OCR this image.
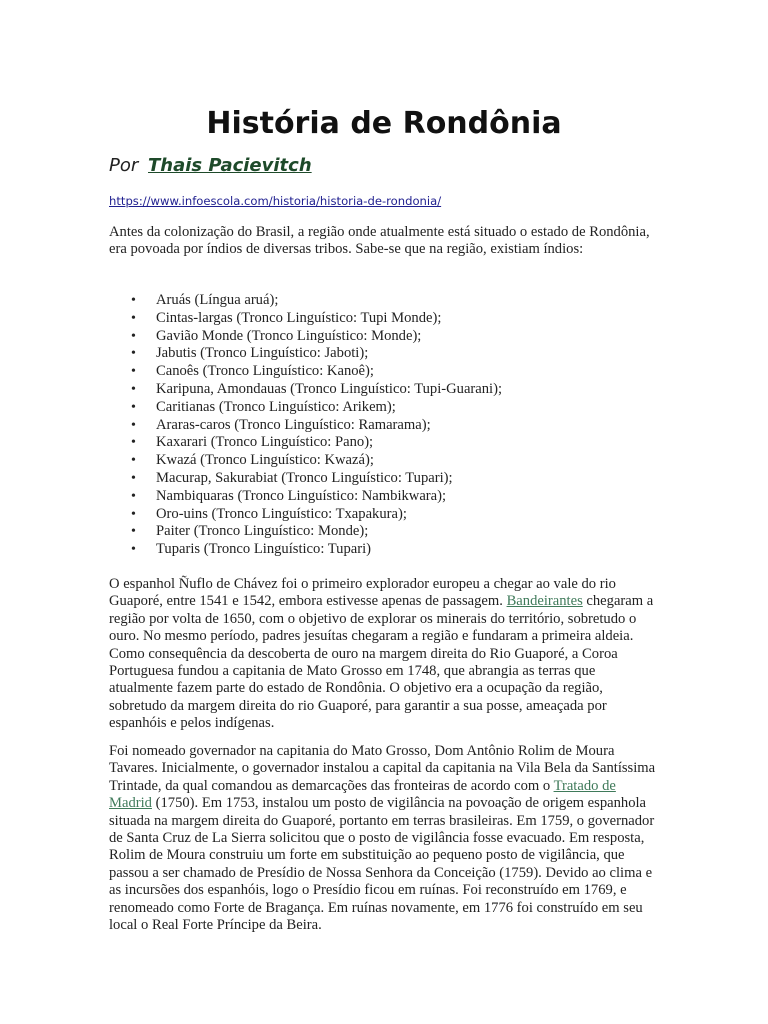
História de Rondônia
Por Thais Pacievitch
https://www.infoescola.com/historia/historia-de-rondonia/

Antes da colonização do Brasil, a região onde atualmente está situado o estado de Rondônia, era povoada por índios de diversas tribos. Sabe-se que na região, existiam índios:

• Aruás (Língua aruá);
• Cintas-largas (Tronco Linguístico: Tupi Monde);
• Gavião Monde (Tronco Linguístico: Monde);
• Jabutis (Tronco Linguístico: Jaboti);
• Canoês (Tronco Linguístico: Kanoê);
• Karipuna, Amondauas (Tronco Linguístico: Tupi-Guarani);
• Caritianas (Tronco Linguístico: Arikem);
• Araras-caros (Tronco Linguístico: Ramarama);
• Kaxarari (Tronco Linguístico: Pano);
• Kwazá (Tronco Linguístico: Kwazá);
• Macurap, Sakurabiat (Tronco Linguístico: Tupari);
• Nambiquaras (Tronco Linguístico: Nambikwara);
• Oro-uins (Tronco Linguístico: Txapakura);
• Paiter (Tronco Linguístico: Monde);
• Tuparis (Tronco Linguístico: Tupari)

O espanhol Ñuflo de Chávez foi o primeiro explorador europeu a chegar ao vale do rio Guaporé, entre 1541 e 1542, embora estivesse apenas de passagem. Bandeirantes chegaram a região por volta de 1650, com o objetivo de explorar os minerais do território, sobretudo o ouro. No mesmo período, padres jesuítas chegaram a região e fundaram a primeira aldeia. Como consequência da descoberta de ouro na margem direita do Rio Guaporé, a Coroa Portuguesa fundou a capitania de Mato Grosso em 1748, que abrangia as terras que atualmente fazem parte do estado de Rondônia. O objetivo era a ocupação da região, sobretudo da margem direita do rio Guaporé, para garantir a sua posse, ameaçada por espanhóis e pelos indígenas.

Foi nomeado governador na capitania do Mato Grosso, Dom Antônio Rolim de Moura Tavares. Inicialmente, o governador instalou a capital da capitania na Vila Bela da Santíssima Trintade, da qual comandou as demarcações das fronteiras de acordo com o Tratado de Madrid (1750). Em 1753, instalou um posto de vigilância na povoação de origem espanhola situada na margem direita do Guaporé, portanto em terras brasileiras. Em 1759, o governador de Santa Cruz de La Sierra solicitou que o posto de vigilância fosse evacuado. Em resposta, Rolim de Moura construiu um forte em substituição ao pequeno posto de vigilância, que passou a ser chamado de Presídio de Nossa Senhora da Conceição (1759). Devido ao clima e as incursões dos espanhóis, logo o Presídio ficou em ruínas. Foi reconstruído em 1769, e renomeado como Forte de Bragança. Em ruínas novamente, em 1776 foi construído em seu local o Real Forte Príncipe da Beira.
